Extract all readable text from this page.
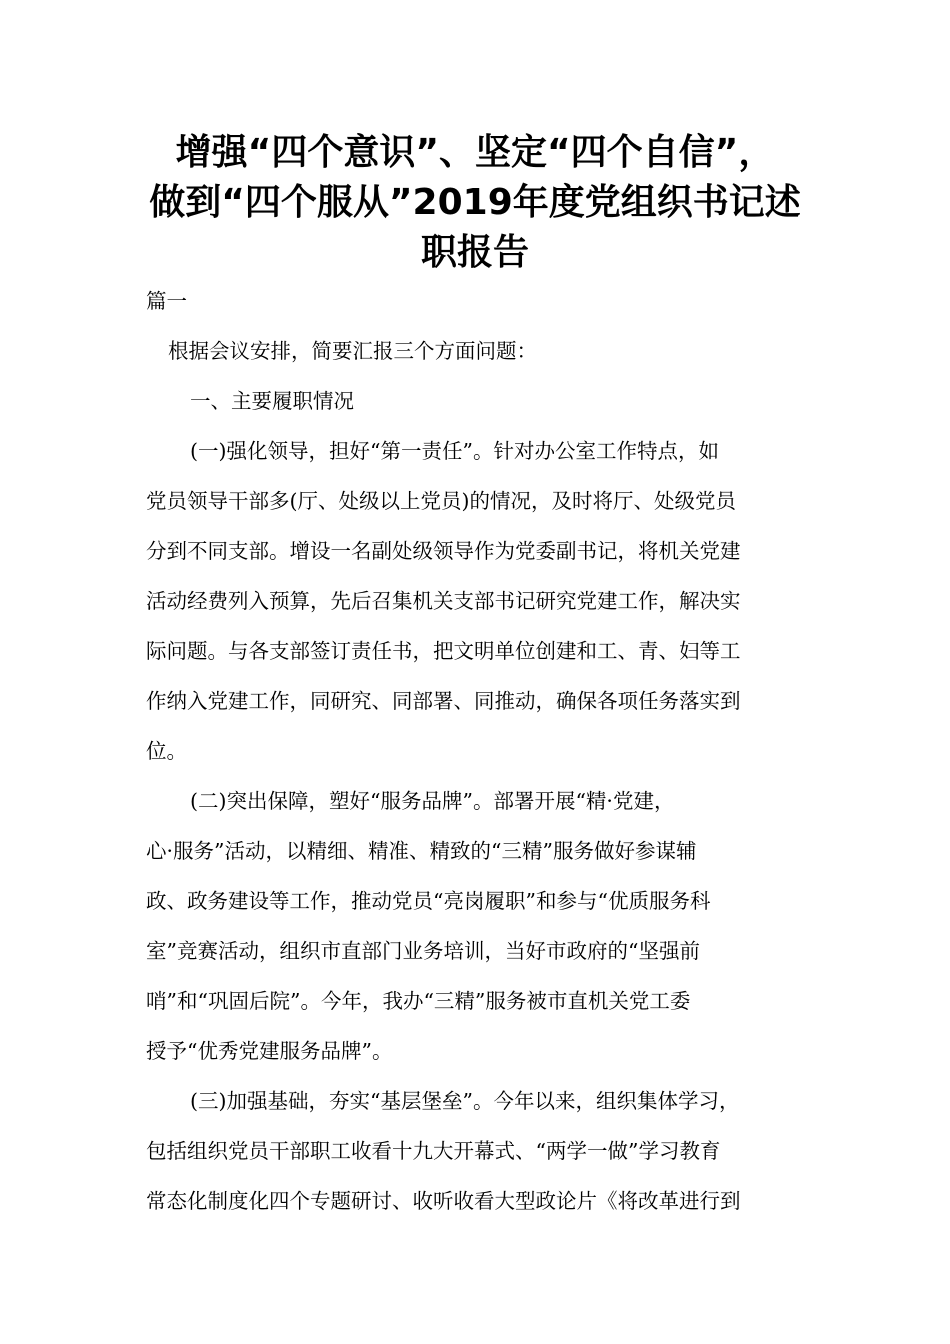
增强“四个意识”、坚定“四个自信”，
做到“四个服从”2019年度党组织书记述
职报告
篇一
根据会议安排，简要汇报三个方面问题：
一、主要履职情况
(一)强化领导，担好“第一责任”。针对办公室工作特点，如
党员领导干部多(厅、处级以上党员)的情况，及时将厅、处级党员
分到不同支部。增设一名副处级领导作为党委副书记，将机关党建
活动经费列入预算，先后召集机关支部书记研究党建工作，解决实
际问题。与各支部签订责任书，把文明单位创建和工、青、妇等工
作纳入党建工作，同研究、同部署、同推动，确保各项任务落实到
位。
(二)突出保障，塑好“服务品牌”。部署开展“精·党建，
心·服务”活动，以精细、精准、精致的“三精”服务做好参谋辅
政、政务建设等工作，推动党员“亮岗履职”和参与“优质服务科
室”竞赛活动，组织市直部门业务培训，当好市政府的“坚强前
哨”和“巩固后院”。今年，我办“三精”服务被市直机关党工委
授予“优秀党建服务品牌”。
(三)加强基础，夯实“基层堡垒”。今年以来，组织集体学习，
包括组织党员干部职工收看十九大开幕式、“两学一做”学习教育
常态化制度化四个专题研讨、收听收看大型政论片《将改革进行到
